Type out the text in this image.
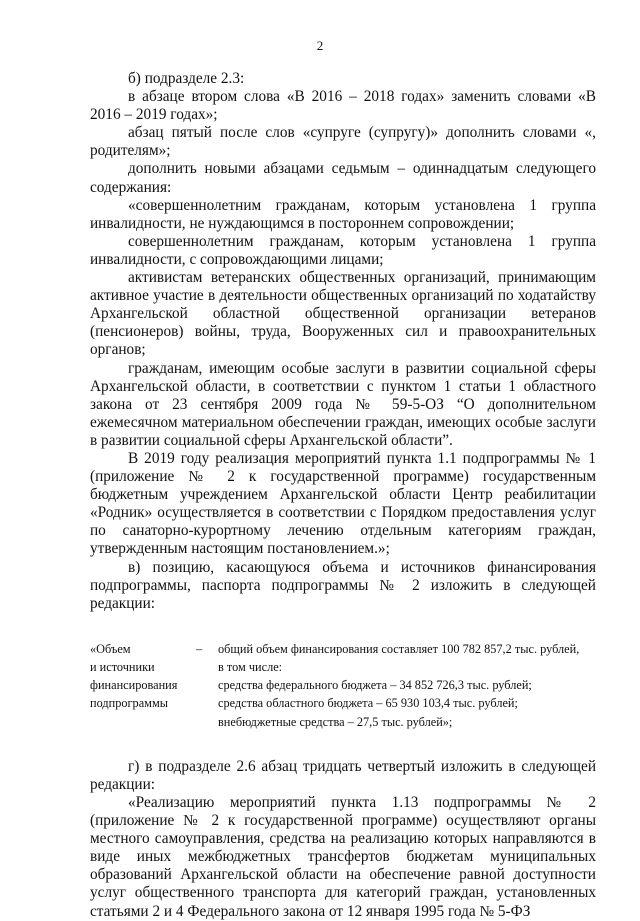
2

б) подразделе 2.3:

в абзаце втором слова «В 2016 – 2018 годах» заменить словами «В 2016 – 2019 годах»;

абзац пятый после слов «супруге (супругу)» дополнить словами «, родителям»;

дополнить новыми абзацами седьмым – одиннадцатым следующего содержания:

«совершеннолетним гражданам, которым установлена 1 группа инвалидности, не нуждающимся в постороннем сопровождении;

совершеннолетним гражданам, которым установлена 1 группа инвалидности, с сопровождающими лицами;

активистам ветеранских общественных организаций, принимающим активное участие в деятельности общественных организаций по ходатайству Архангельской областной общественной организации ветеранов (пенсионеров) войны, труда, Вооруженных сил и правоохранительных органов;

гражданам, имеющим особые заслуги в развитии социальной сферы Архангельской области, в соответствии с пунктом 1 статьи 1 областного закона от 23 сентября 2009 года № 59-5-ОЗ “О дополнительном ежемесячном материальном обеспечении граждан, имеющих особые заслуги в развитии социальной сферы Архангельской области”.

В 2019 году реализация мероприятий пункта 1.1 подпрограммы № 1 (приложение № 2 к государственной программе) государственным бюджетным учреждением Архангельской области Центр реабилитации «Родник» осуществляется в соответствии с Порядком предоставления услуг по санаторно-курортному лечению отдельным категориям граждан, утвержденным настоящим постановлением.»;

в) позицию, касающуюся объема и источников финансирования подпрограммы, паспорта подпрограммы № 2 изложить в следующей редакции:

«Объем
и источники
финансирования
подпрограммы
–	общий объем финансирования составляет 100 782 857,2 тыс. рублей,
в том числе:
средства федерального бюджета – 34 852 726,3 тыс. рублей;
средства областного бюджета – 65 930 103,4 тыс. рублей;
внебюджетные средства – 27,5 тыс. рублей»;

г) в подразделе 2.6 абзац тридцать четвертый изложить в следующей редакции:

«Реализацию мероприятий пункта 1.13 подпрограммы № 2 (приложение № 2 к государственной программе) осуществляют органы местного самоуправления, средства на реализацию которых направляются в виде иных межбюджетных трансфертов бюджетам муниципальных образований Архангельской области на обеспечение равной доступности услуг общественного транспорта для категорий граждан, установленных статьями 2 и 4 Федерального закона от 12 января 1995 года № 5-ФЗ
